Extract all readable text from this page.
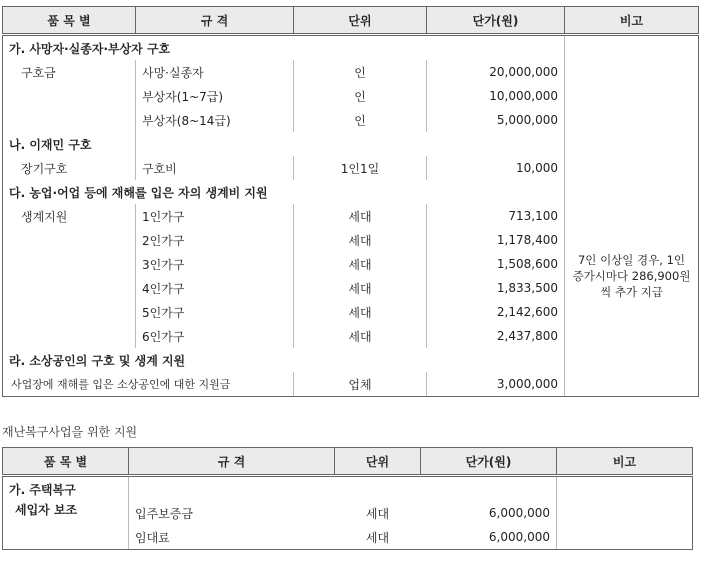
품 목 별	규 격	단위	단가(원)	비고
가. 사망자·실종자·부상자 구호				
구호금	사망·실종자	인	20,000,000	
	부상자(1~7급)	인	10,000,000	
	부상자(8~14급)	인	5,000,000	
나. 이재민 구호				
장기구호	구호비	1인1일	10,000	
다. 농업·어업 등에 재해를 입은 자의 생계비 지원				
생계지원	1인가구	세대	713,100	7인 이상일 경우, 1인 증가시마다 286,900원씩 추가 지급
	2인가구	세대	1,178,400	
	3인가구	세대	1,508,600	
	4인가구	세대	1,833,500	
	5인가구	세대	2,142,600	
	6인가구	세대	2,437,800	
라. 소상공인의 구호 및 생계 지원				
사업장에 재해를 입은 소상공인에 대한 지원금		업체	3,000,000	
재난복구사업을 위한 지원
품 목 별	규 격	단위	단가(원)	비고
가. 주택복구				
세입자 보조	입주보증금	세대	6,000,000	
	임대료	세대	6,000,000	
